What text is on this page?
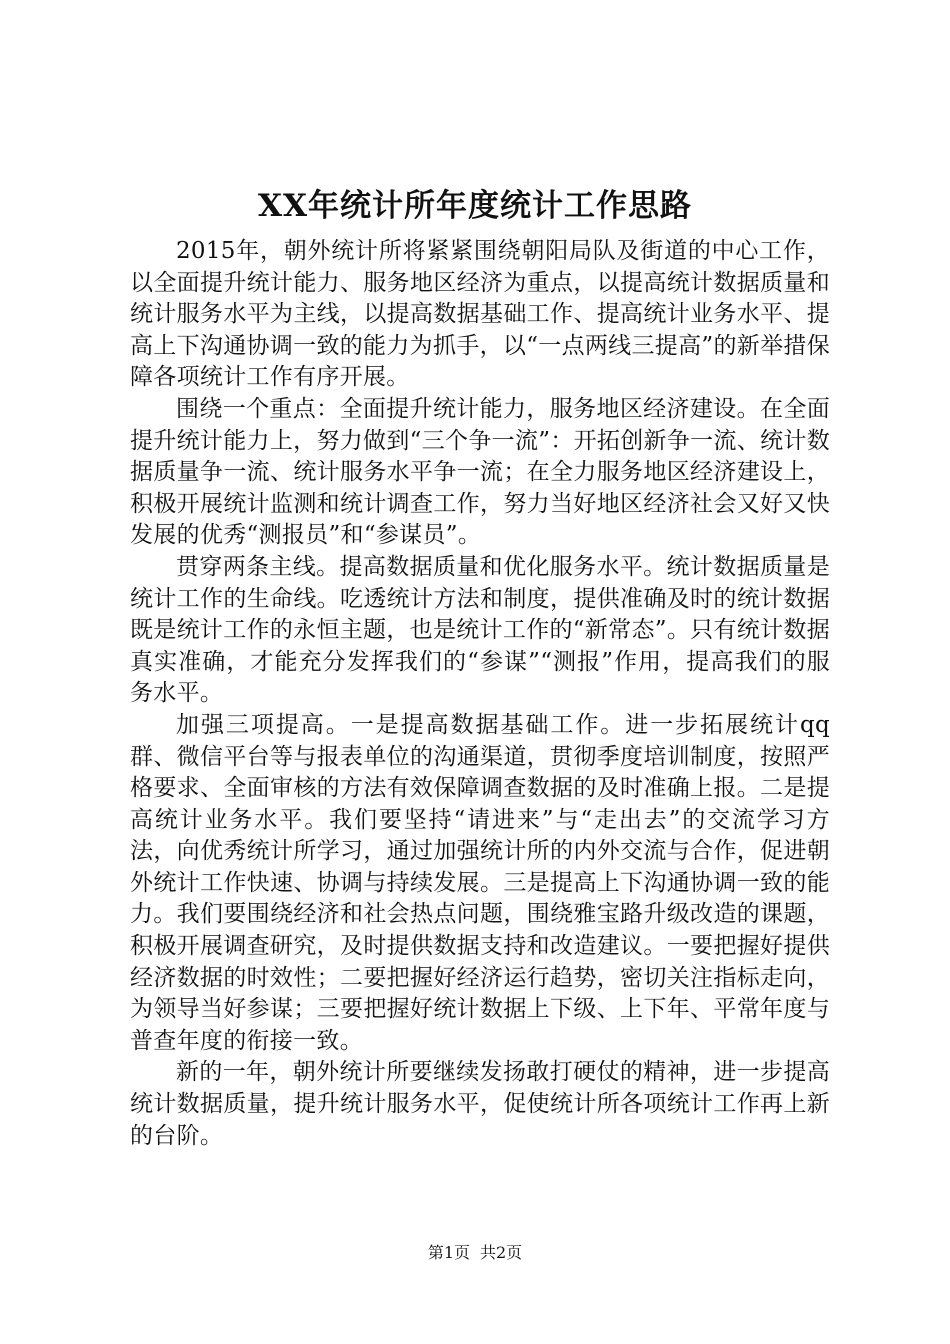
XX年统计所年度统计工作思路

2015年，朝外统计所将紧紧围绕朝阳局队及街道的中心工作，以全面提升统计能力、服务地区经济为重点，以提高统计数据质量和统计服务水平为主线，以提高数据基础工作、提高统计业务水平、提高上下沟通协调一致的能力为抓手，以“一点两线三提高”的新举措保障各项统计工作有序开展。

围绕一个重点：全面提升统计能力，服务地区经济建设。在全面提升统计能力上，努力做到“三个争一流”：开拓创新争一流、统计数据质量争一流、统计服务水平争一流；在全力服务地区经济建设上，积极开展统计监测和统计调查工作，努力当好地区经济社会又好又快发展的优秀“测报员”和“参谋员”。

贯穿两条主线。提高数据质量和优化服务水平。统计数据质量是统计工作的生命线。吃透统计方法和制度，提供准确及时的统计数据既是统计工作的永恒主题，也是统计工作的“新常态”。只有统计数据真实准确，才能充分发挥我们的“参谋”“测报”作用，提高我们的服务水平。

加强三项提高。一是提高数据基础工作。进一步拓展统计qq群、微信平台等与报表单位的沟通渠道，贯彻季度培训制度，按照严格要求、全面审核的方法有效保障调查数据的及时准确上报。二是提高统计业务水平。我们要坚持“请进来”与“走出去”的交流学习方法，向优秀统计所学习，通过加强统计所的内外交流与合作，促进朝外统计工作快速、协调与持续发展。三是提高上下沟通协调一致的能力。我们要围绕经济和社会热点问题，围绕雅宝路升级改造的课题，积极开展调查研究，及时提供数据支持和改造建议。一要把握好提供经济数据的时效性；二要把握好经济运行趋势，密切关注指标走向，为领导当好参谋；三要把握好统计数据上下级、上下年、平常年度与普查年度的衔接一致。

新的一年，朝外统计所要继续发扬敢打硬仗的精神，进一步提高统计数据质量，提升统计服务水平，促使统计所各项统计工作再上新的台阶。

第1页 共2页
